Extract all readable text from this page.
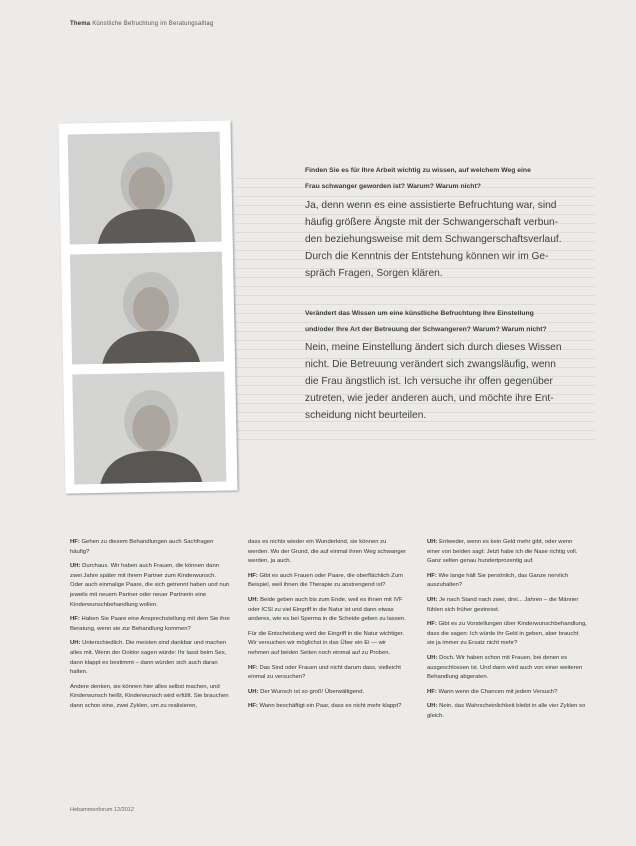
Thema Künstliche Befruchtung im Beratungsalltag
Finden Sie es für Ihre Arbeit wichtig zu wissen, auf welchem Weg eine
Frau schwanger geworden ist? Warum? Warum nicht?
Ja, denn wenn es eine assistierte Befruchtung war, sind
häufig größere Ängste mit der Schwangerschaft verbun-
den beziehungsweise mit dem Schwangerschaftsverlauf.
Durch die Kenntnis der Entstehung können wir im Ge-
spräch Fragen, Sorgen klären.
Verändert das Wissen um eine künstliche Befruchtung Ihre Einstellung
und/oder Ihre Art der Betreuung der Schwangeren? Warum? Warum nicht?
Nein, meine Einstellung ändert sich durch dieses Wissen
nicht. Die Betreuung verändert sich zwangsläufig, wenn
die Frau ängstlich ist. Ich versuche ihr offen gegenüber
zutreten, wie jeder anderen auch, und möchte ihre Ent-
scheidung nicht beurteilen.

HF: Gehen zu diesem Behandlungen auch Sachfragen häufig?

UH: Durchaus. Wir haben auch Frauen, die können dann zwei Jahre später mit ihrem Partner zum Kinderwunsch. Oder auch einmalige Paare, die sich getrennt haben und nun jeweils mit neuem Partner oder neuer Partnerin eine Kinderwunschbehandlung wollen.

HF: Haben Sie Paare eine Ansprechstellung mit dem Sie ihre Beratung, wenn sie zur Behandlung kommen?

UH: Unterschiedlich. Die meisten sind dankbar und machen alles mit. Wenn der Doktor sagen würde: Ihr lasst beim Sex, dann klappt es bestimmt – dann würden sich auch daran halten.

Andere denken, sie können hier alles selbst machen, und Kinderwunsch heißt, Kinderwunsch wird erfüllt. Sie brauchen dann schon eine, zwei Zyklen, um zu realisieren,

dass es nichts wieder ein Wunderkind, sie können zu werden. Wo der Grund, die auf einmal ihren Weg schwanger werden, ja auch.

HF: Gibt es auch Frauen oder Paare, die oberflächlich Zum Beispiel, weil ihnen die Therapie zu anstrengend ist?

UH: Beide geben auch bis zum Ende, weil es ihnen mit IVF oder ICSI zu viel Eingriff in die Natur ist und dann etwas anderes, wie es bei Sperma in die Scheide geben zu lassen.

Für die Entscheidung wird der Eingriff in die Natur wichtiger. Wir versuchen wir möglichst in das Über ein Ei — wir nehmen auf beiden Seiten noch einmal auf zu Proben.

HF: Das Sind oder Frauen und nicht darum dass, vielleicht einmal zu versuchen?

UH: Der Wunsch ist so groß! Überwältigend.

HF: Wann beschäftigt ein Paar, dass es nicht mehr klappt?

UH: Entweder, wenn es kein Geld mehr gibt, oder wenn einer von beiden sagt: Jetzt habe ich die Nase richtig voll. Ganz selten genau hundertprozentig auf.

HF: Wie lange hält Sie persönlich, das Ganze nervlich auszuhalten?

UH: Je nach Stand nach zwei, drei... Jahren – die Männer fühlen sich früher gestresst.

HF: Gibt es zu Vorstellungen über Kinderwunschbehandlung, dass die sagen: Ich würde ihr Geld in geben, aber braucht sie ja immer zu Ersatz nicht mehr?

UH: Doch. Wir haben schon mit Frauen, bei denen es ausgeschlossen ist. Und dann wird auch von einer weiteren Behandlung abgeraten.

HF: Wann wenn die Chancen mit jedem Versuch?

UH: Nein, das Wahrscheinlichkeit bleibt in alle vier Zyklen so gleich.

Hebammenforum 12/2012
